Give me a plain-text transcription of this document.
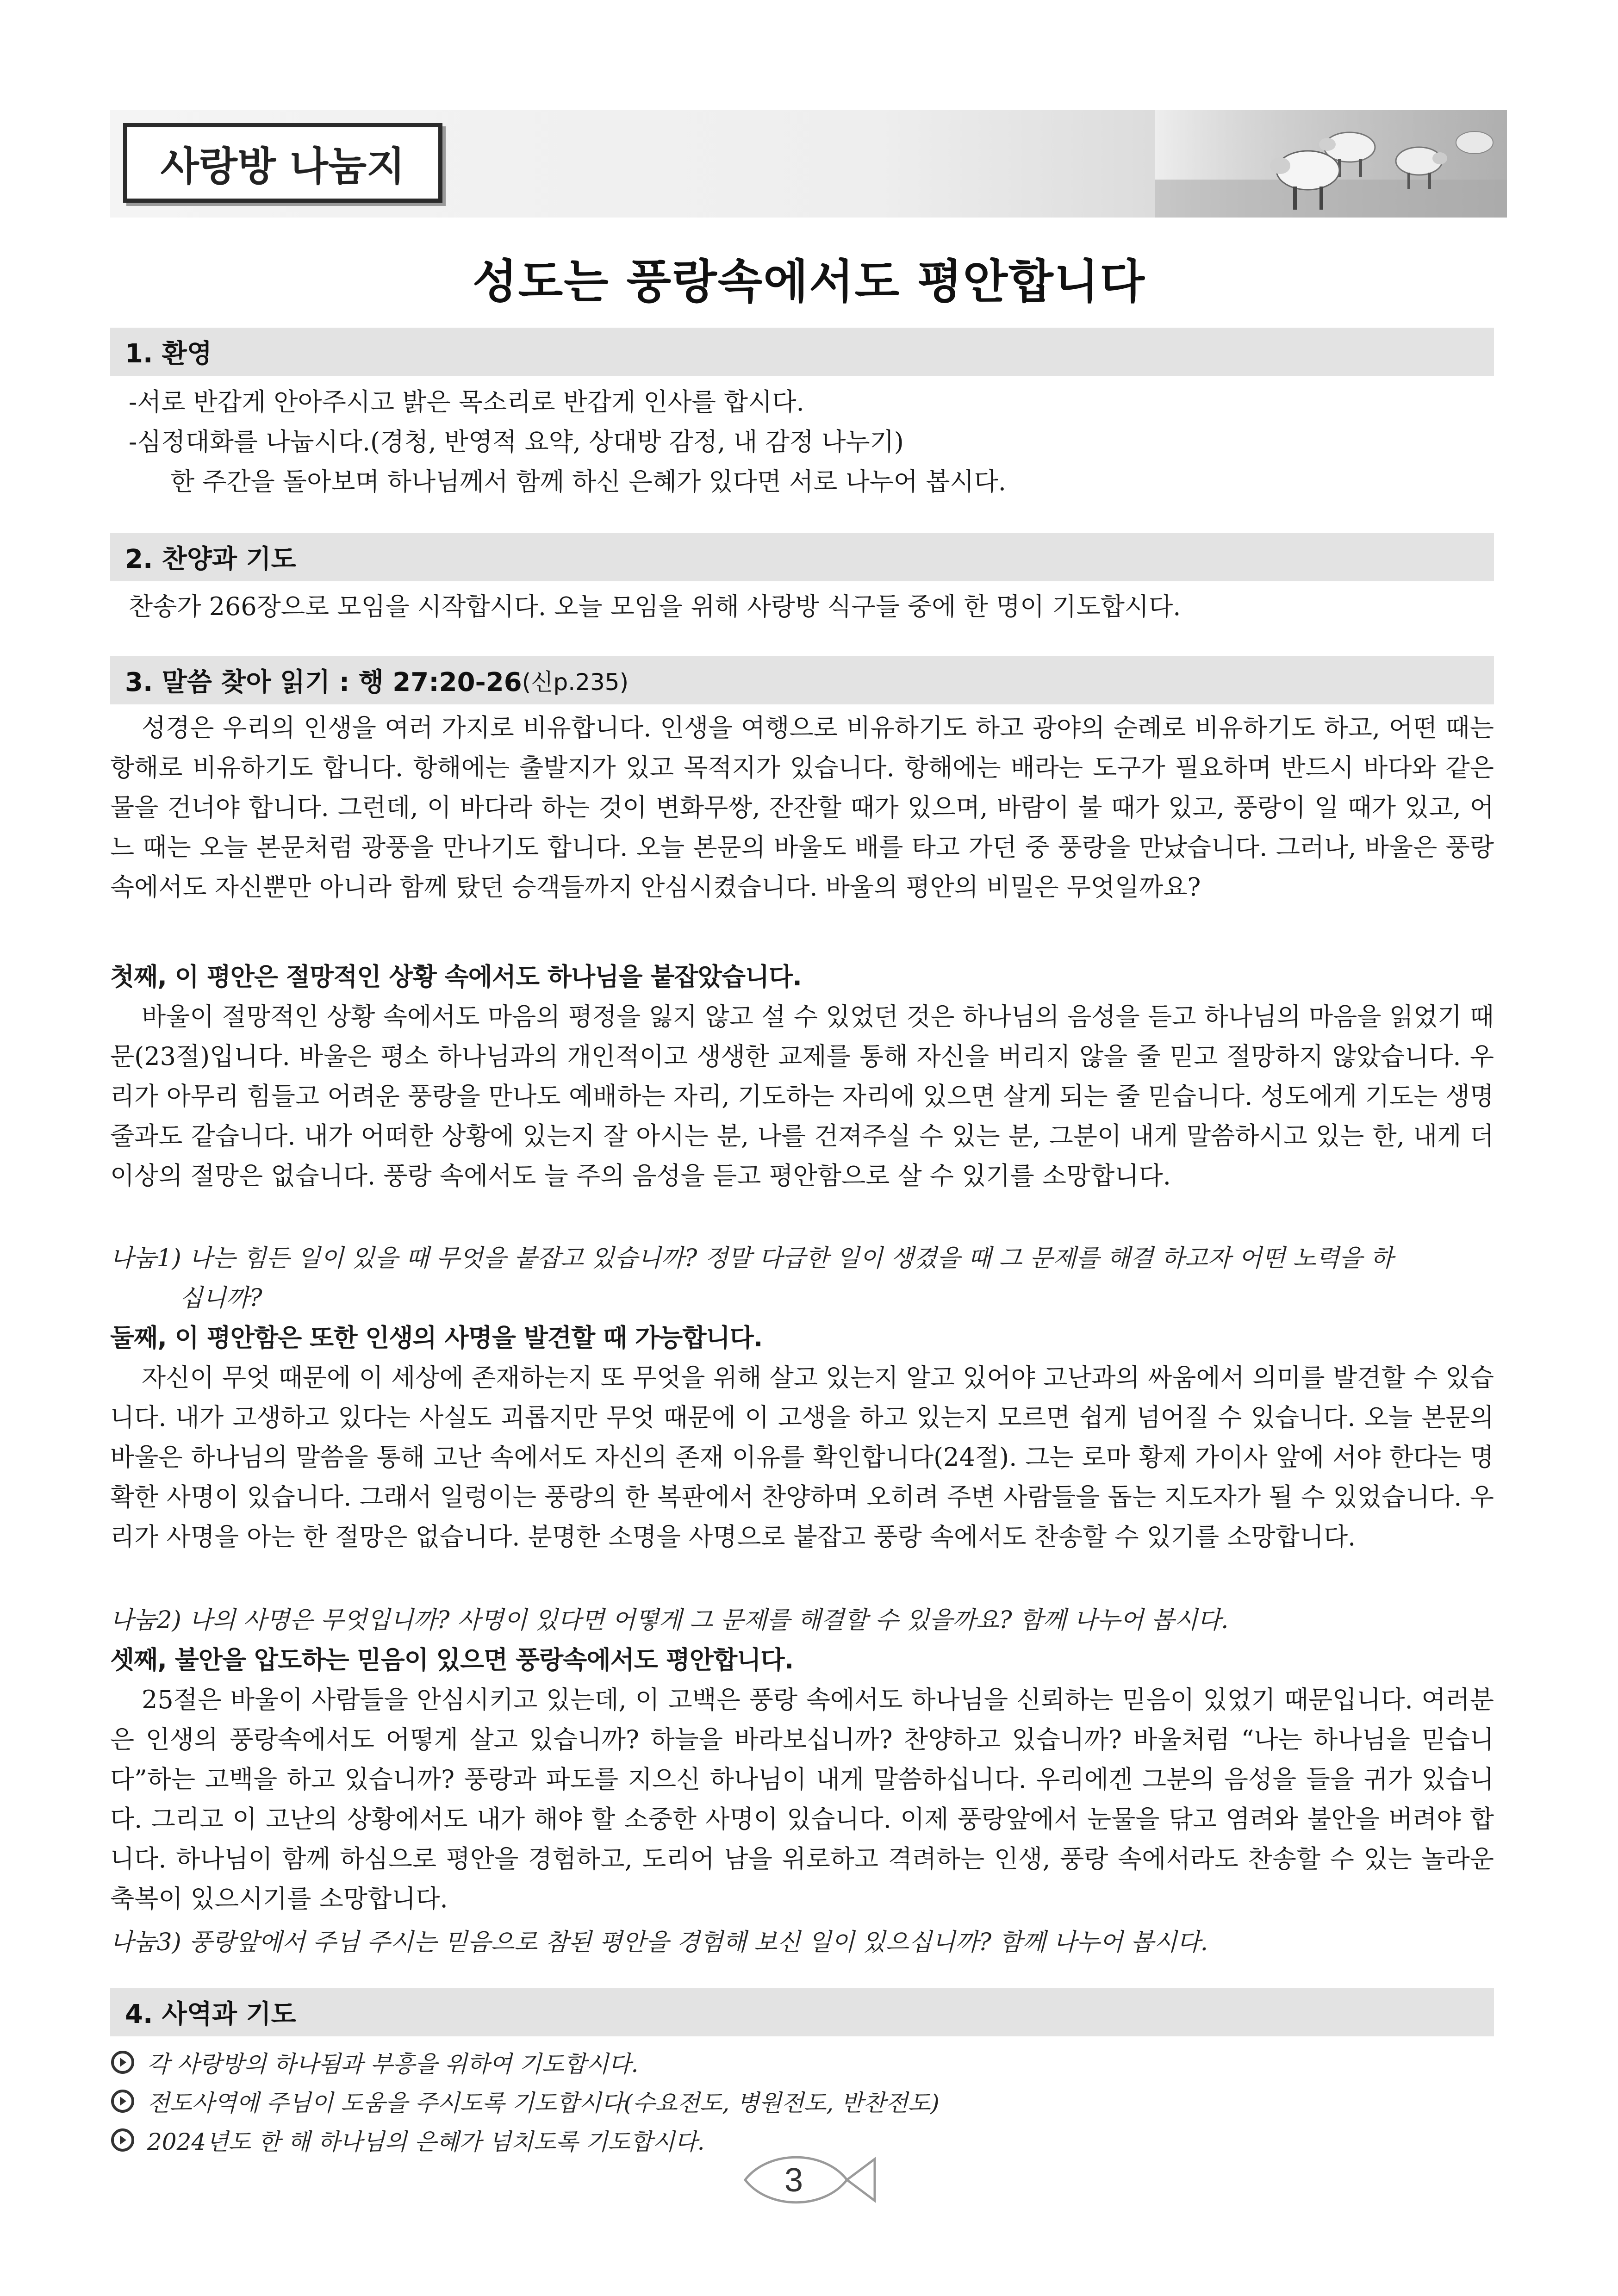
사랑방 나눔지
성도는 풍랑속에서도 평안합니다
1. 환영
-서로 반갑게 안아주시고 밝은 목소리로 반갑게 인사를 합시다.
-심정대화를 나눕시다.(경청, 반영적 요약, 상대방 감정, 내 감정 나누기)
한 주간을 돌아보며 하나님께서 함께 하신 은혜가 있다면 서로 나누어 봅시다.
2. 찬양과 기도
찬송가 266장으로 모임을 시작합시다. 오늘 모임을 위해 사랑방 식구들 중에 한 명이 기도합시다.
3. 말씀 찾아 읽기 : 행 27:20-26 (신p.235)
성경은 우리의 인생을 여러 가지로 비유합니다. 인생을 여행으로 비유하기도 하고 광야의 순례로 비유하기도 하고, 어떤 때는 항해로 비유하기도 합니다. 항해에는 출발지가 있고 목적지가 있습니다. 항해에는 배라는 도구가 필요하며 반드시 바다와 같은 물을 건너야 합니다. 그런데, 이 바다라 하는 것이 변화무쌍, 잔잔할 때가 있으며, 바람이 불 때가 있고, 풍랑이 일 때가 있고, 어느 때는 오늘 본문처럼 광풍을 만나기도 합니다. 오늘 본문의 바울도 배를 타고 가던 중 풍랑을 만났습니다. 그러나, 바울은 풍랑 속에서도 자신뿐만 아니라 함께 탔던 승객들까지 안심시켰습니다. 바울의 평안의 비밀은 무엇일까요?
첫째, 이 평안은 절망적인 상황 속에서도 하나님을 붙잡았습니다.
바울이 절망적인 상황 속에서도 마음의 평정을 잃지 않고 설 수 있었던 것은 하나님의 음성을 듣고 하나님의 마음을 읽었기 때문(23절)입니다. 바울은 평소 하나님과의 개인적이고 생생한 교제를 통해 자신을 버리지 않을 줄 믿고 절망하지 않았습니다. 우리가 아무리 힘들고 어려운 풍랑을 만나도 예배하는 자리, 기도하는 자리에 있으면 살게 되는 줄 믿습니다. 성도에게 기도는 생명줄과도 같습니다. 내가 어떠한 상황에 있는지 잘 아시는 분, 나를 건져주실 수 있는 분, 그분이 내게 말씀하시고 있는 한, 내게 더 이상의 절망은 없습니다. 풍랑 속에서도 늘 주의 음성을 듣고 평안함으로 살 수 있기를 소망합니다.
나눔1) 나는 힘든 일이 있을 때 무엇을 붙잡고 있습니까? 정말 다급한 일이 생겼을 때 그 문제를 해결 하고자 어떤 노력을 하
십니까?
둘째, 이 평안함은 또한 인생의 사명을 발견할 때 가능합니다.
자신이 무엇 때문에 이 세상에 존재하는지 또 무엇을 위해 살고 있는지 알고 있어야 고난과의 싸움에서 의미를 발견할 수 있습니다. 내가 고생하고 있다는 사실도 괴롭지만 무엇 때문에 이 고생을 하고 있는지 모르면 쉽게 넘어질 수 있습니다. 오늘 본문의 바울은 하나님의 말씀을 통해 고난 속에서도 자신의 존재 이유를 확인합니다(24절). 그는 로마 황제 가이사 앞에 서야 한다는 명확한 사명이 있습니다. 그래서 일렁이는 풍랑의 한 복판에서 찬양하며 오히려 주변 사람들을 돕는 지도자가 될 수 있었습니다. 우리가 사명을 아는 한 절망은 없습니다. 분명한 소명을 사명으로 붙잡고 풍랑 속에서도 찬송할 수 있기를 소망합니다.
나눔2) 나의 사명은 무엇입니까? 사명이 있다면 어떻게 그 문제를 해결할 수 있을까요? 함께 나누어 봅시다.
셋째, 불안을 압도하는 믿음이 있으면 풍랑속에서도 평안합니다.
25절은 바울이 사람들을 안심시키고 있는데, 이 고백은 풍랑 속에서도 하나님을 신뢰하는 믿음이 있었기 때문입니다. 여러분은 인생의 풍랑속에서도 어떻게 살고 있습니까? 하늘을 바라보십니까? 찬양하고 있습니까? 바울처럼 “나는 하나님을 믿습니다”하는 고백을 하고 있습니까? 풍랑과 파도를 지으신 하나님이 내게 말씀하십니다. 우리에겐 그분의 음성을 들을 귀가 있습니다. 그리고 이 고난의 상황에서도 내가 해야 할 소중한 사명이 있습니다. 이제 풍랑앞에서 눈물을 닦고 염려와 불안을 버려야 합니다. 하나님이 함께 하심으로 평안을 경험하고, 도리어 남을 위로하고 격려하는 인생, 풍랑 속에서라도 찬송할 수 있는 놀라운 축복이 있으시기를 소망합니다.
나눔3) 풍랑앞에서 주님 주시는 믿음으로 참된 평안을 경험해 보신 일이 있으십니까? 함께 나누어 봅시다.
4. 사역과 기도
각 사랑방의 하나됨과 부흥을 위하여 기도합시다.
전도사역에 주님이 도움을 주시도록 기도합시다(수요전도, 병원전도, 반찬전도)
2024년도 한 해 하나님의 은혜가 넘치도록 기도합시다.
3
